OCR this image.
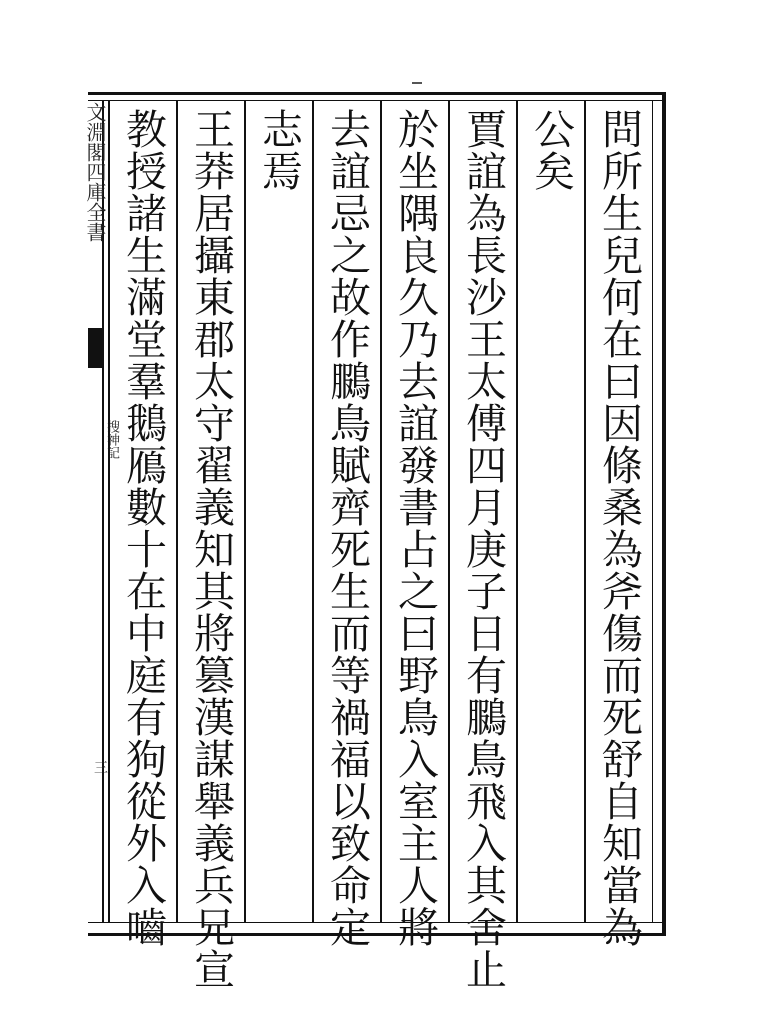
文淵閣四庫全書
搜神記
三	問所生兒何在曰因條桑為斧傷而死舒自知當為
公矣
賈誼為長沙王太傅四月庚子日有鵩鳥飛入其舍止
於坐隅良久乃去誼發書占之曰野鳥入室主人將
去誼忌之故作鵩鳥賦齊死生而等禍福以致命定
志焉
王莽居攝東郡太守翟義知其將篡漢謀舉義兵兄宣
教授諸生滿堂羣鵝鴈數十在中庭有狗從外入嚙
